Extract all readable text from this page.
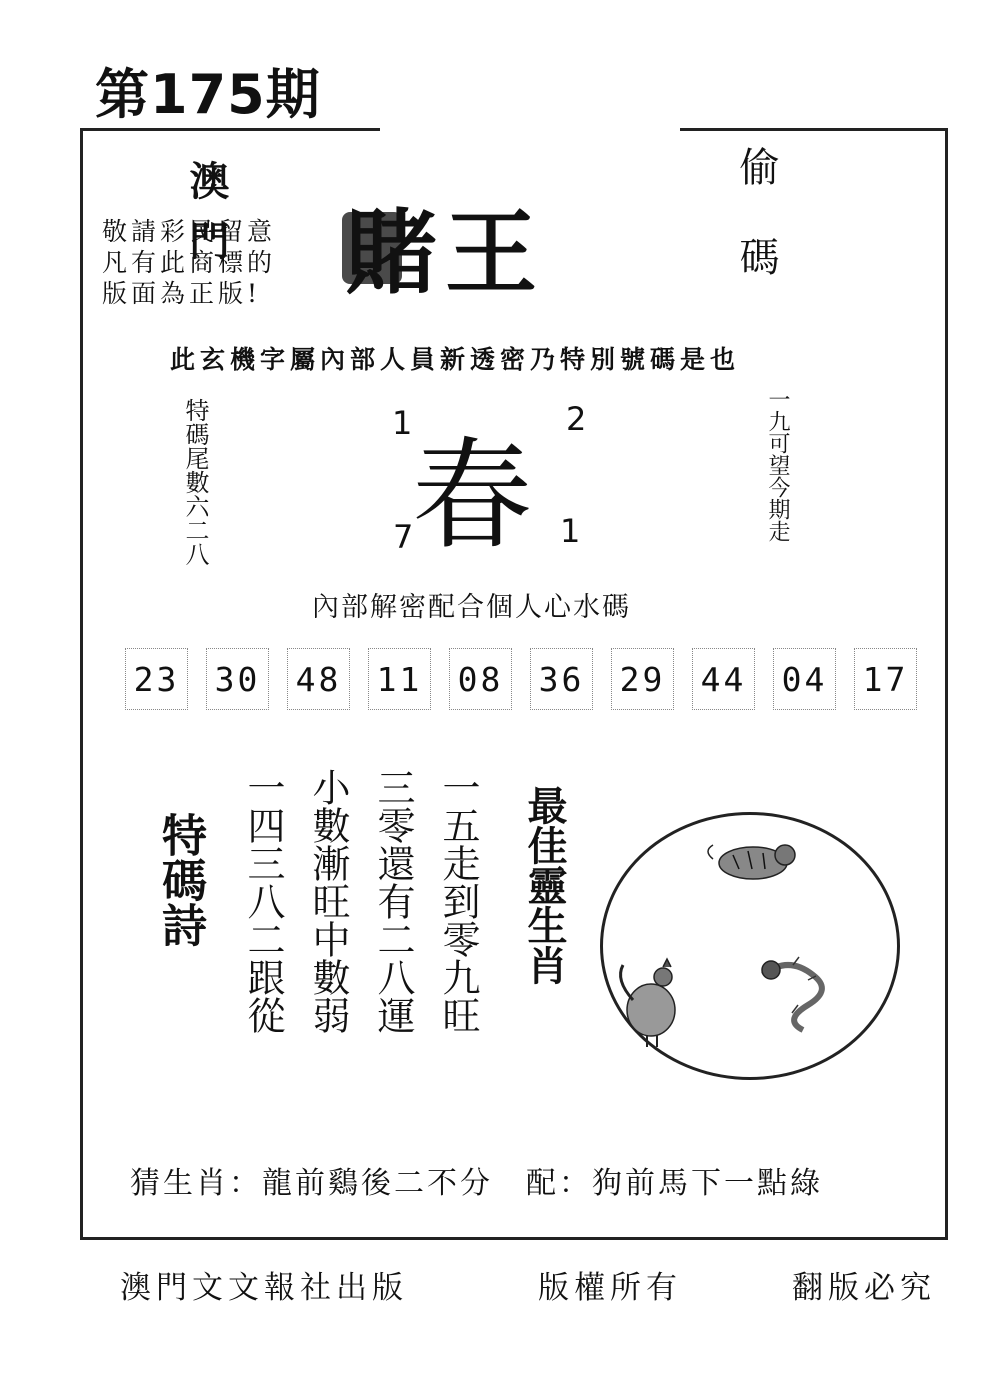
第175期
澳門	偷碼
賭王
敬請彩民留意
凡有此商標的
版面為正版!
此玄機字屬內部人員新透密乃特別號碼是也
特碼尾數六二八	一九可望今期走
春
1	2
7	1
內部解密配合個人心水碼
23 30 48 11 08 36 29 44 04 17
特碼詩	一五走到零九旺
三零還有二八運
小數漸旺中數弱
一四三八二跟從	最佳靈生肖
猜生肖：龍前鷄後二不分　配：狗前馬下一點綠
澳門文文報社出版	版權所有	翻版必究
